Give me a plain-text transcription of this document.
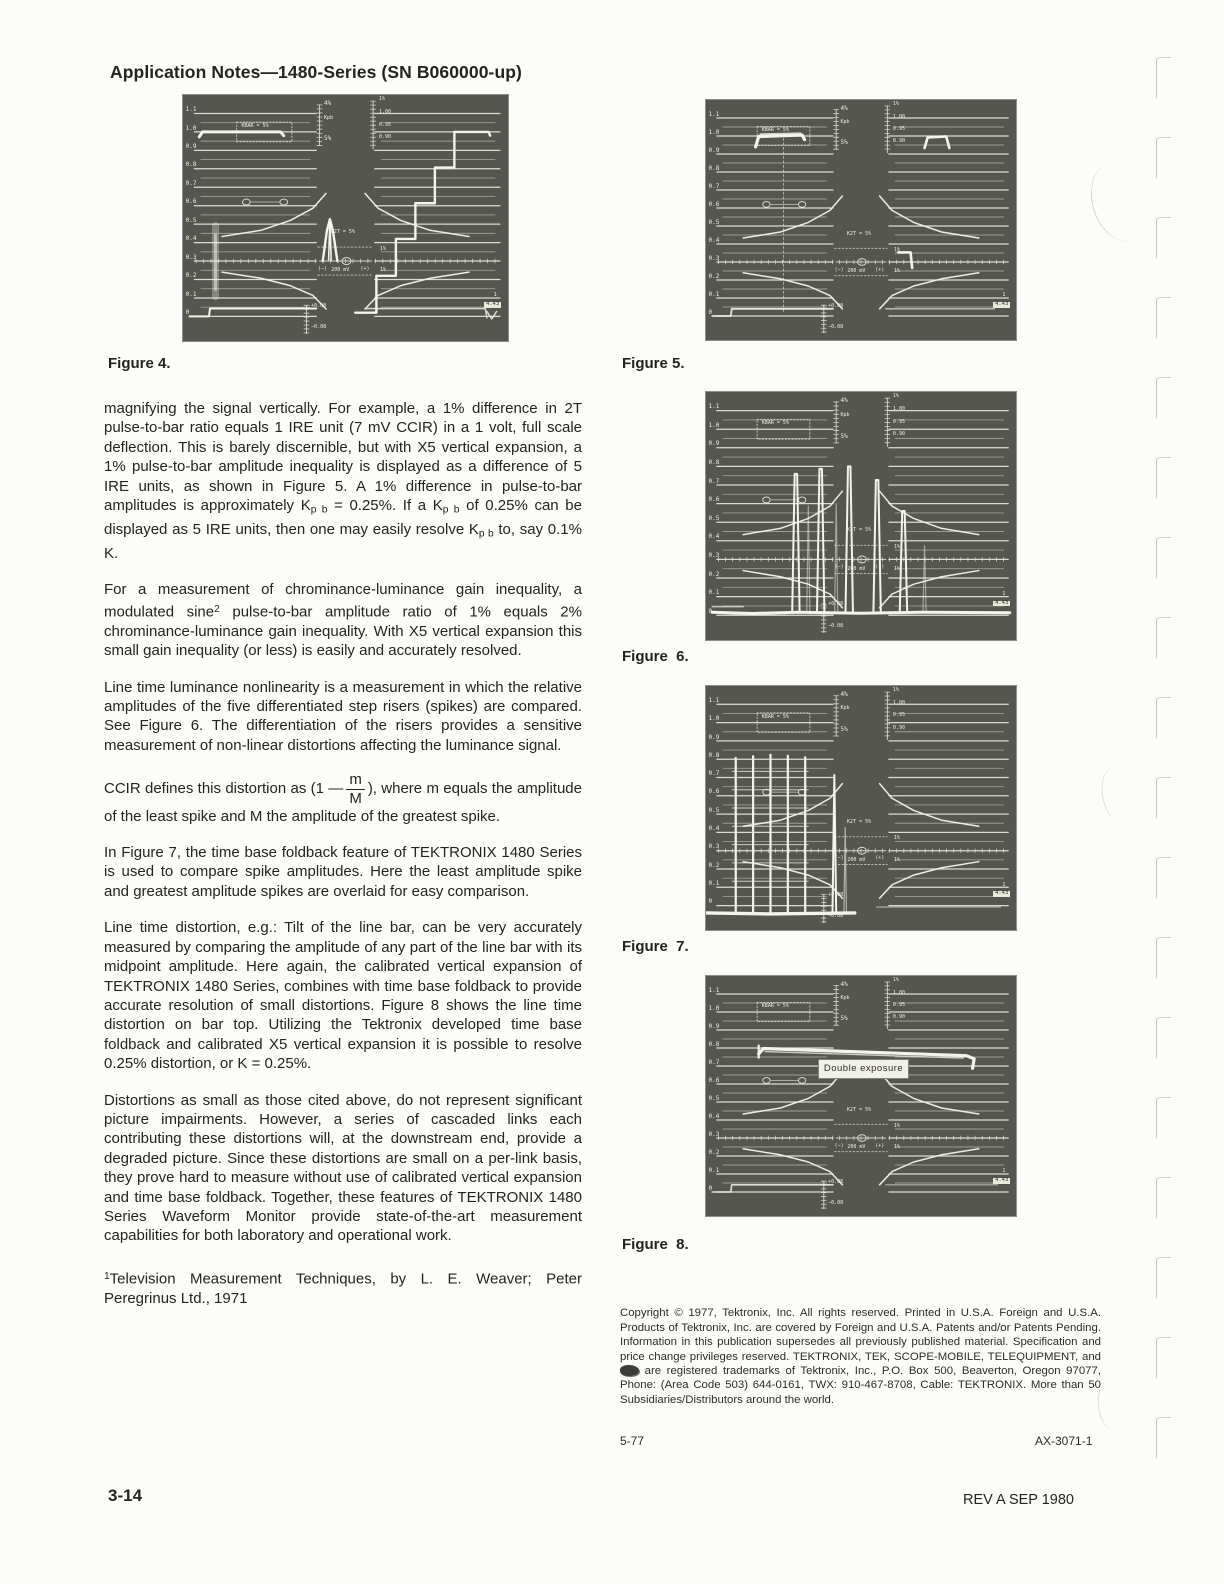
Application Notes—1480-Series (SN B060000-up)
1.1
1.0
0.9
0.8
0.7
0.6
0.5
0.4
0.3
0.2
0.1
0
4%
Kpb
5%
1%
1.00
0.95
0.90
KBAR = 5%
K2T = 5%
(−) 200 mV (+)
1%
1%
+0.08
−0.08
1
4.43
Figure 4.

magnifying the signal vertically. For example, a 1% difference in 2T pulse-to-bar ratio equals 1 IRE unit (7 mV CCIR) in a 1 volt, full scale deflection. This is barely discernible, but with X5 vertical expansion, a 1% pulse-to-bar amplitude inequality is displayed as a difference of 5 IRE units, as shown in Figure 5. A 1% difference in pulse-to-bar amplitudes is approximately $K_{p b} = 0.25\%$. If a $K_{p b}$ of 0.25% can be displayed as 5 IRE units, then one may easily resolve $K_{p b}$ to, say 0.1% K.

For a measurement of chrominance-luminance gain inequality, a modulated sine$^2$ pulse-to-bar amplitude ratio of 1% equals 2% chrominance-luminance gain inequality. With X5 vertical expansion this small gain inequality (or less) is easily and accurately resolved.

Line time luminance nonlinearity is a measurement in which the relative amplitudes of the five differentiated step risers (spikes) are compared. See Figure 6. The differentiation of the risers provides a sensitive measurement of non-linear distortions affecting the luminance signal.

CCIR defines this distortion as (1 — $\frac{m}{M}$ ), where m equals the amplitude of the least spike and M the amplitude of the greatest spike.

In Figure 7, the time base foldback feature of TEKTRONIX 1480 Series is used to compare spike amplitudes. Here the least amplitude spike and greatest amplitude spikes are overlaid for easy comparison.

Line time distortion, e.g.: Tilt of the line bar, can be very accurately measured by comparing the amplitude of any part of the line bar with its midpoint amplitude. Here again, the calibrated vertical expansion of TEKTRONIX 1480 Series, combines with time base foldback to provide accurate resolution of small distortions. Figure 8 shows the line time distortion on bar top. Utilizing the Tektronix developed time base foldback and calibrated X5 vertical expansion it is possible to resolve 0.25% distortion, or K = 0.25%.

Distortions as small as those cited above, do not represent significant picture impairments. However, a series of cascaded links each contributing these distortions will, at the downstream end, provide a degraded picture. Since these distortions are small on a per-link basis, they prove hard to measure without use of calibrated vertical expansion and time base foldback. Together, these features of TEKTRONIX 1480 Series Waveform Monitor provide state-of-the-art measurement capabilities for both laboratory and operational work.

$^1$Television Measurement Techniques, by L. E. Weaver; Peter Peregrinus Ltd., 1971

1.1
1.0
0.9
0.8
0.7
0.6
0.5
0.4
0.3
0.2
0.1
0
4%
Kpb
5%
1%
1.00
0.95
0.90
KBAR = 5%
K2T = 5%
(−) 200 mV (+)
1%
1%
+0.08
−0.08
1
4.43
Figure 5.
1.1
1.0
0.9
0.8
0.7
0.6
0.5
0.4
0.3
0.2
0.1
0
4%
Kpb
5%
1%
1.00
0.95
0.90
KBAR = 5%
K2T = 5%
(−) 200 mV (+)
1%
1%
+0.08
−0.08
1
4.43
Figure  6.
1.1
1.0
0.9
0.8
0.7
0.6
0.5
0.4
0.3
0.2
0.1
0
4%
Kpb
5%
1%
1.00
0.95
0.90
KBAR = 5%
K2T = 5%
(−) 200 mV (+)
1%
1%
+0.08
−0.08
1
4.43
Figure  7.
1.1
1.0
0.9
0.8
0.7
0.6
0.5
0.4
0.3
0.2
0.1
0
4%
Kpb
5%
1%
1.00
0.95
0.90
KBAR = 5%
K2T = 5%
(−) 200 mV (+)
1%
1%
+0.08
−0.08
1
4.43
Double exposure
Figure  8.

Copyright © 1977, Tektronix, Inc. All rights reserved. Printed in U.S.A. Foreign and U.S.A. Products of Tektronix, Inc. are covered by Foreign and U.S.A. Patents and/or Patents Pending. Information in this publication supersedes all previously published material. Specification and price change privileges reserved. TEKTRONIX, TEK, SCOPE-MOBILE, TELEQUIPMENT, and  are registered trademarks of Tektronix, Inc., P.O. Box 500, Beaverton, Oregon 97077, Phone: (Area Code 503) 644-0161, TWX: 910-467-8708, Cable: TEKTRONIX. More than 50 Subsidiaries/Distributors around the world.

5-77	AX-3071-1
3-14	REV A SEP 1980
